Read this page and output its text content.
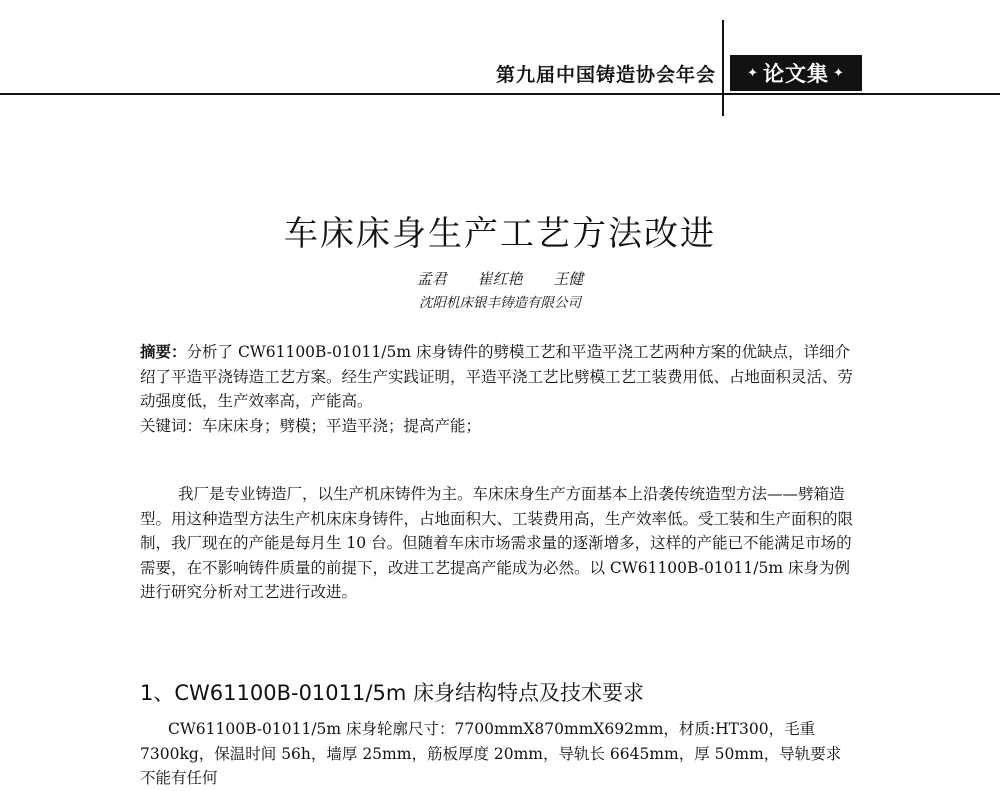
第九届中国铸造协会年会 ✦ 论文集 ✦
车床床身生产工艺方法改进
孟君 崔红艳 王健
沈阳机床银丰铸造有限公司

摘要：分析了 CW61100B-01011/5m 床身铸件的劈模工艺和平造平浇工艺两种方案的优缺点，详细介绍了平造平浇铸造工艺方案。经生产实践证明，平造平浇工艺比劈模工艺工装费用低、占地面积灵活、劳动强度低，生产效率高，产能高。

关键词：车床床身；劈模；平造平浇；提高产能；

我厂是专业铸造厂，以生产机床铸件为主。车床床身生产方面基本上沿袭传统造型方法——劈箱造型。用这种造型方法生产机床床身铸件，占地面积大、工装费用高，生产效率低。受工装和生产面积的限制，我厂现在的产能是每月生 10 台。但随着车床市场需求量的逐渐增多，这样的产能已不能满足市场的需要，在不影响铸件质量的前提下，改进工艺提高产能成为必然。以 CW61100B-01011/5m 床身为例进行研究分析对工艺进行改进。

1、CW61100B-01011/5m 床身结构特点及技术要求

CW61100B-01011/5m 床身轮廓尺寸：7700mmX870mmX692mm，材质:HT300，毛重 7300kg，保温时间 56h，墙厚 25mm，筋板厚度 20mm，导轨长 6645mm，厚 50mm，导轨要求不能有任何
